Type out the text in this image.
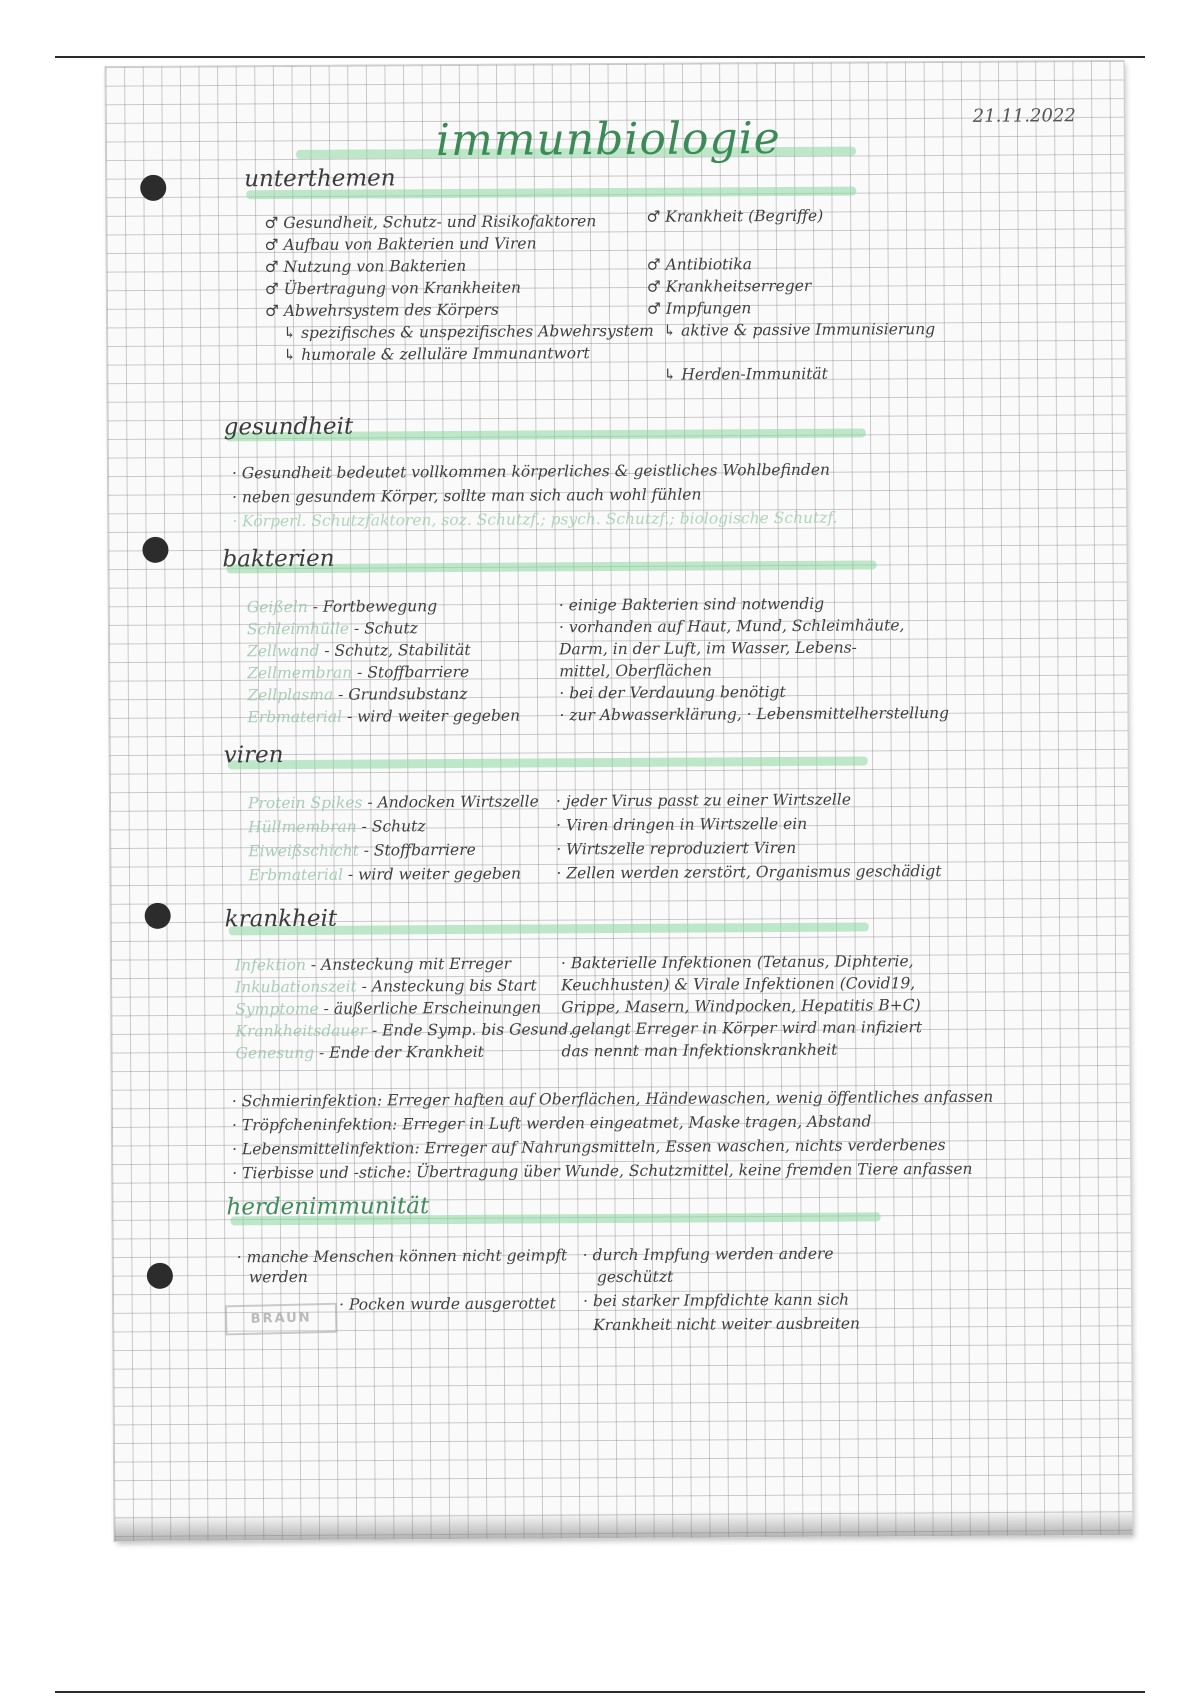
immunbiologie	21.11.2022
unterthemen
♂ Gesundheit, Schutz- und Risikofaktoren
♂ Aufbau von Bakterien und Viren
♂ Nutzung von Bakterien
♂ Übertragung von Krankheiten
♂ Abwehrsystem des Körpers
↳ spezifisches & unspezifisches Abwehrsystem
↳ humorale & zelluläre Immunantwort
♂ Krankheit (Begriffe)
♂ Antibiotika
♂ Krankheitserreger
♂ Impfungen
↳ aktive & passive Immunisierung
↳ Herden-Immunität
gesundheit
· Gesundheit bedeutet vollkommen körperliches & geistliches Wohlbefinden
· neben gesundem Körper, sollte man sich auch wohl fühlen
· Körperl. Schutzfaktoren, soz. Schutzf.; psych. Schutzf.; biologische Schutzf.
bakterien
Geißeln - Fortbewegung
Schleimhülle - Schutz
Zellwand - Schutz, Stabilität
Zellmembran - Stoffbarriere
Zellplasma - Grundsubstanz
Erbmaterial - wird weiter gegeben
· einige Bakterien sind notwendig
· vorhanden auf Haut, Mund, Schleimhäute,
Darm, in der Luft, im Wasser, Lebens-
mittel, Oberflächen
· bei der Verdauung benötigt
· zur Abwasserklärung, · Lebensmittelherstellung
viren
Protein Spikes - Andocken Wirtszelle
Hüllmembran - Schutz
Eiweißschicht - Stoffbarriere
Erbmaterial - wird weiter gegeben
· jeder Virus passt zu einer Wirtszelle
· Viren dringen in Wirtszelle ein
· Wirtszelle reproduziert Viren
· Zellen werden zerstört, Organismus geschädigt
krankheit
Infektion - Ansteckung mit Erreger
Inkubationszeit - Ansteckung bis Start
Symptome - äußerliche Erscheinungen
Krankheitsdauer - Ende Symp. bis Gesund.
Genesung - Ende der Krankheit
· Bakterielle Infektionen (Tetanus, Diphterie,
Keuchhusten) & Virale Infektionen (Covid19,
Grippe, Masern, Windpocken, Hepatitis B+C)
· gelangt Erreger in Körper wird man infiziert
das nennt man Infektionskrankheit
· Schmierinfektion: Erreger haften auf Oberflächen, Händewaschen, wenig öffentliches anfassen
· Tröpfcheninfektion: Erreger in Luft werden eingeatmet, Maske tragen, Abstand
· Lebensmittelinfektion: Erreger auf Nahrungsmitteln, Essen waschen, nichts verderbenes
· Tierbisse und -stiche: Übertragung über Wunde, Schutzmittel, keine fremden Tiere anfassen
herdenimmunität
· manche Menschen können nicht geimpft
werden
· Pocken wurde ausgerottet
· durch Impfung werden andere
geschützt
· bei starker Impfdichte kann sich
Krankheit nicht weiter ausbreiten
BRAUN
